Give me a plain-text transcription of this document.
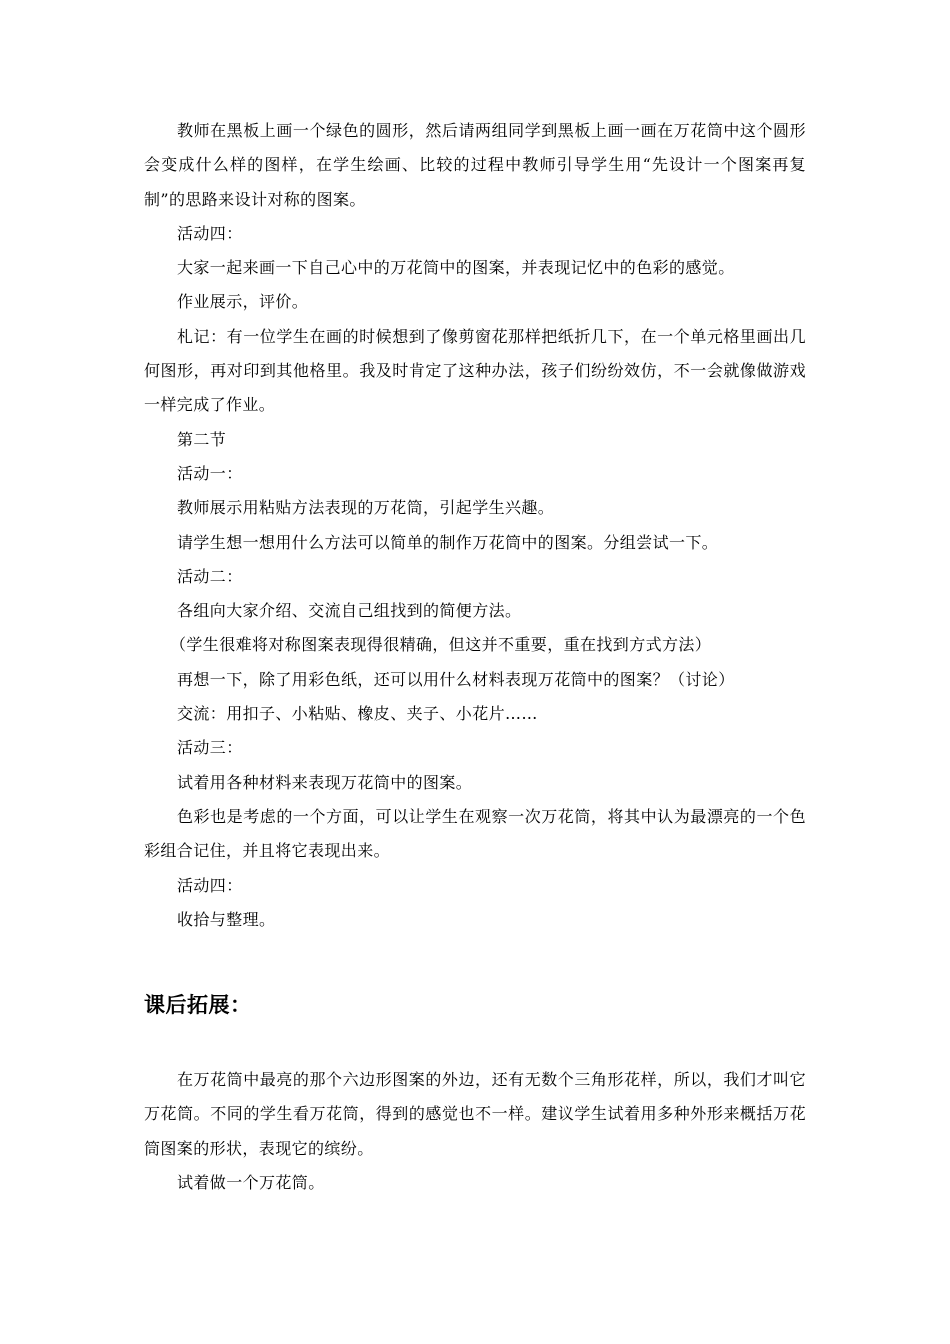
教师在黑板上画一个绿色的圆形，然后请两组同学到黑板上画一画在万花筒中这个圆形会变成什么样的图样，在学生绘画、比较的过程中教师引导学生用“先设计一个图案再复制”的思路来设计对称的图案。

活动四：

大家一起来画一下自己心中的万花筒中的图案，并表现记忆中的色彩的感觉。

作业展示，评价。

札记：有一位学生在画的时候想到了像剪窗花那样把纸折几下，在一个单元格里画出几何图形，再对印到其他格里。我及时肯定了这种办法，孩子们纷纷效仿，不一会就像做游戏一样完成了作业。

第二节

活动一：

教师展示用粘贴方法表现的万花筒，引起学生兴趣。

请学生想一想用什么方法可以简单的制作万花筒中的图案。分组尝试一下。

活动二：

各组向大家介绍、交流自己组找到的简便方法。

（学生很难将对称图案表现得很精确，但这并不重要，重在找到方式方法）

再想一下，除了用彩色纸，还可以用什么材料表现万花筒中的图案？（讨论）

交流：用扣子、小粘贴、橡皮、夹子、小花片……

活动三：

试着用各种材料来表现万花筒中的图案。

色彩也是考虑的一个方面，可以让学生在观察一次万花筒，将其中认为最漂亮的一个色彩组合记住，并且将它表现出来。

活动四：

收拾与整理。

课后拓展：

在万花筒中最亮的那个六边形图案的外边，还有无数个三角形花样，所以，我们才叫它万花筒。不同的学生看万花筒，得到的感觉也不一样。建议学生试着用多种外形来概括万花筒图案的形状，表现它的缤纷。

试着做一个万花筒。
